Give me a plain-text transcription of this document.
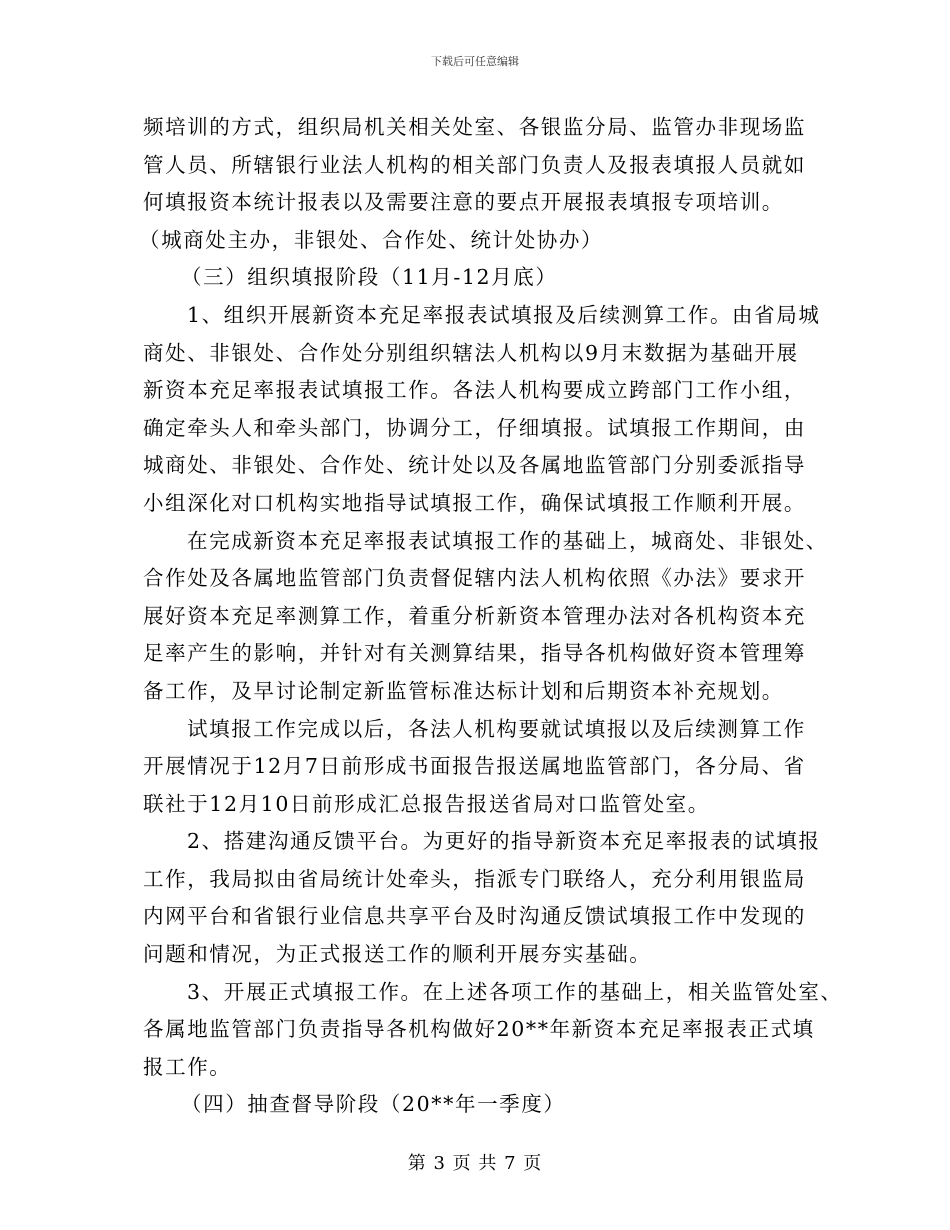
下载后可任意编辑
频培训的方式，组织局机关相关处室、各银监分局、监管办非现场监
管人员、所辖银行业法人机构的相关部门负责人及报表填报人员就如
何填报资本统计报表以及需要注意的要点开展报表填报专项培训。
（城商处主办，非银处、合作处、统计处协办）
（三）组织填报阶段（11月-12月底）
1、组织开展新资本充足率报表试填报及后续测算工作。由省局城
商处、非银处、合作处分别组织辖法人机构以9月末数据为基础开展
新资本充足率报表试填报工作。各法人机构要成立跨部门工作小组，
确定牵头人和牵头部门，协调分工，仔细填报。试填报工作期间，由
城商处、非银处、合作处、统计处以及各属地监管部门分别委派指导
小组深化对口机构实地指导试填报工作，确保试填报工作顺利开展。
在完成新资本充足率报表试填报工作的基础上，城商处、非银处、
合作处及各属地监管部门负责督促辖内法人机构依照《办法》要求开
展好资本充足率测算工作，着重分析新资本管理办法对各机构资本充
足率产生的影响，并针对有关测算结果，指导各机构做好资本管理筹
备工作，及早讨论制定新监管标准达标计划和后期资本补充规划。
试填报工作完成以后，各法人机构要就试填报以及后续测算工作
开展情况于12月7日前形成书面报告报送属地监管部门，各分局、省
联社于12月10日前形成汇总报告报送省局对口监管处室。
2、搭建沟通反馈平台。为更好的指导新资本充足率报表的试填报
工作，我局拟由省局统计处牵头，指派专门联络人，充分利用银监局
内网平台和省银行业信息共享平台及时沟通反馈试填报工作中发现的
问题和情况，为正式报送工作的顺利开展夯实基础。
3、开展正式填报工作。在上述各项工作的基础上，相关监管处室、
各属地监管部门负责指导各机构做好20**年新资本充足率报表正式填
报工作。
（四）抽查督导阶段（20**年一季度）
第 3 页 共 7 页
